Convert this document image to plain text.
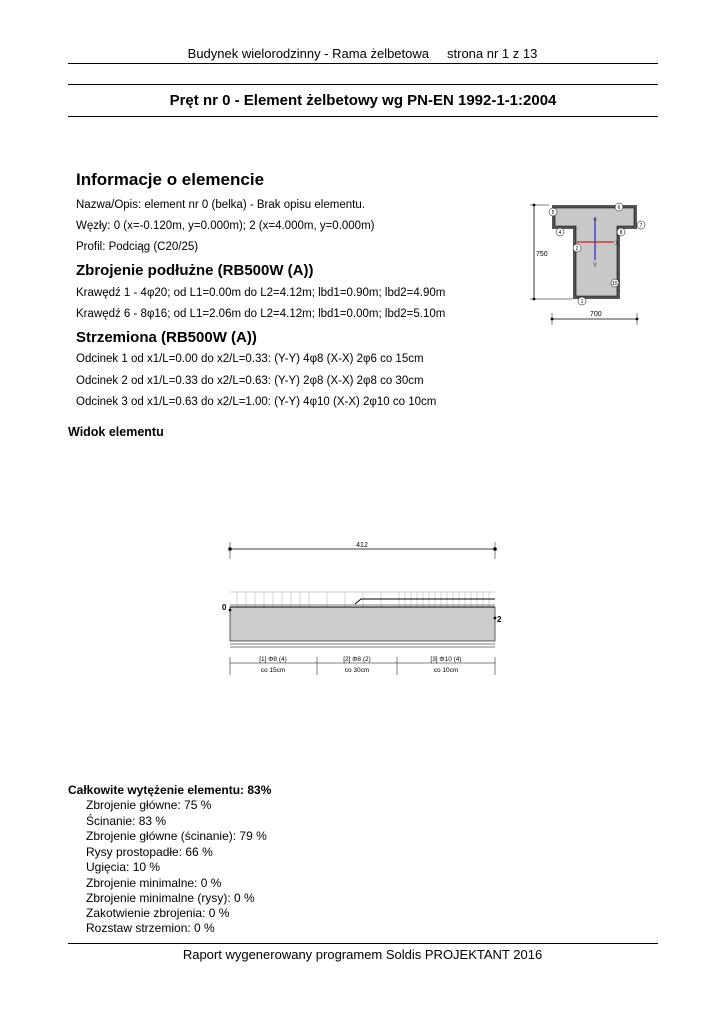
Budynek wielorodzinny - Rama żelbetowa strona nr 1 z 13
Pręt nr 0 - Element żelbetowy wg PN-EN 1992-1-1:2004
Informacje o elemencie
Nazwa/Opis: element nr 0 (belka) - Brak opisu elementu.
Węzły: 0 (x=-0.120m, y=0.000m); 2 (x=4.000m, y=0.000m)
Profil: Podciąg (C20/25)
Zbrojenie podłużne (RB500W (A))
Krawędź 1 - 4φ20; od L1=0.00m do L2=4.12m; lbd1=0.90m; lbd2=4.90m
Krawędź 6 - 8φ16; od L1=2.06m do L2=4.12m; lbd1=0.00m; lbd2=5.10m
Strzemiona (RB500W (A))
Odcinek 1 od x1/L=0.00 do x2/L=0.33: (Y-Y) 4φ8 (X-X) 2φ6 co 15cm
Odcinek 2 od x1/L=0.33 do x2/L=0.63: (Y-Y) 2φ8 (X-X) 2φ8 co 30cm
Odcinek 3 od x1/L=0.63 do x2/L=1.00: (Y-Y) 4φ10 (X-X) 2φ10 co 10cm
750
700
Y
Y
X
6
8
5
7
4
2
1
15
Widok elementu
412
0
2
[1] Φ8 (4)
co 15cm
[2] Φ8 (2)
co 30cm
[3] Φ10 (4)
co 10cm
Całkowite wytężenie elementu: 83%
Zbrojenie główne: 75 %
Ścinanie: 83 %
Zbrojenie główne (ścinanie): 79 %
Rysy prostopadłe: 66 %
Ugięcia: 10 %
Zbrojenie minimalne: 0 %
Zbrojenie minimalne (rysy): 0 %
Zakotwienie zbrojenia: 0 %
Rozstaw strzemion: 0 %
Raport wygenerowany programem Soldis PROJEKTANT 2016
